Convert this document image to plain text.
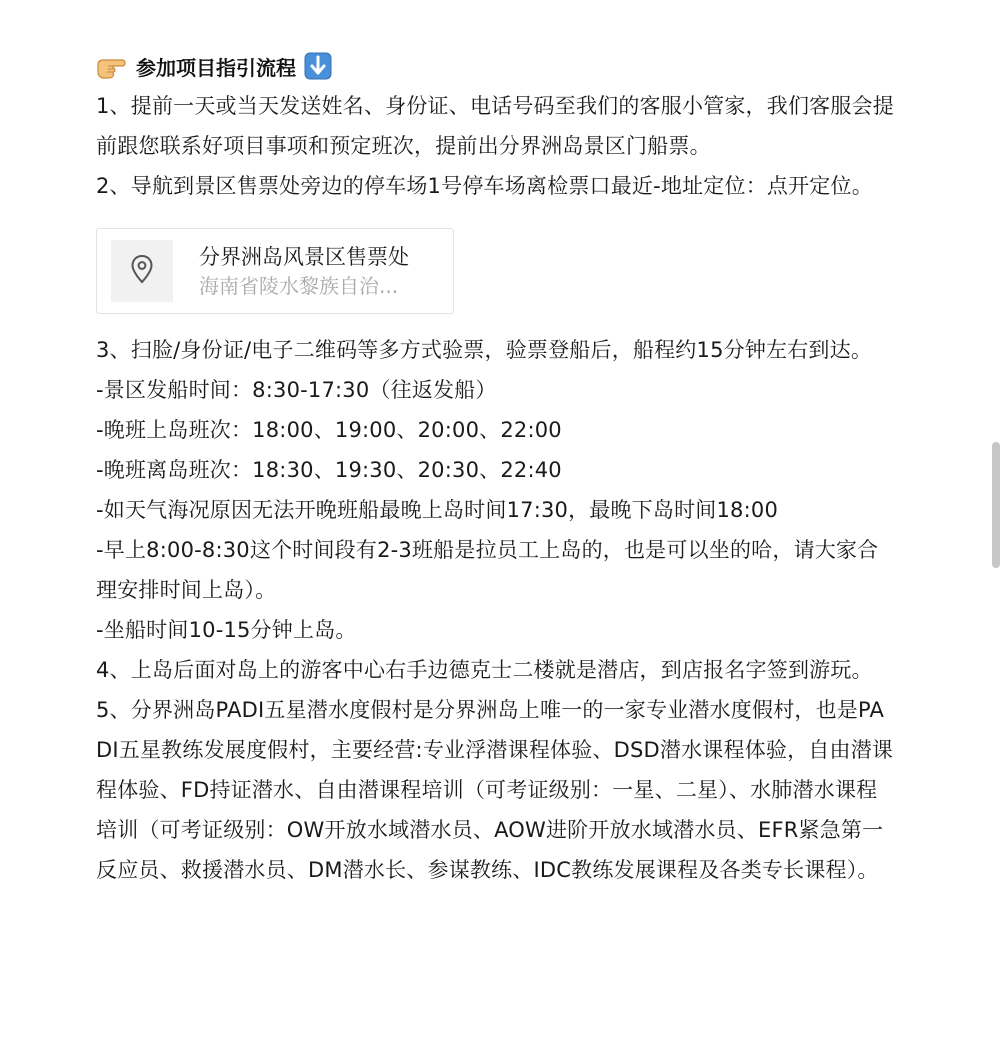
参加项目指引流程
1、提前一天或当天发送姓名、身份证、电话号码至我们的客服小管家，我们客服会提前跟您联系好项目事项和预定班次，提前出分界洲岛景区门船票。
2、导航到景区售票处旁边的停车场1号停车场离检票口最近-地址定位：点开定位。
分界洲岛风景区售票处
海南省陵水黎族自治...
3、扫脸/身份证/电子二维码等多方式验票，验票登船后，船程约15分钟左右到达。
-景区发船时间：8:30-17:30（往返发船）
-晚班上岛班次：18:00、19:00、20:00、22:00
-晚班离岛班次：18:30、19:30、20:30、22:40
-如天气海况原因无法开晚班船最晚上岛时间17:30，最晚下岛时间18:00
-早上8:00-8:30这个时间段有2-3班船是拉员工上岛的，也是可以坐的哈，请大家合理安排时间上岛）。
-坐船时间10-15分钟上岛。
4、上岛后面对岛上的游客中心右手边德克士二楼就是潜店，到店报名字签到游玩。
5、分界洲岛PADI五星潜水度假村是分界洲岛上唯一的一家专业潜水度假村，也是PADI五星教练发展度假村，主要经营:专业浮潜课程体验、DSD潜水课程体验，自由潜课程体验、FD持证潜水、自由潜课程培训（可考证级别：一星、二星）、水肺潜水课程培训（可考证级别：OW开放水域潜水员、AOW进阶开放水域潜水员、EFR紧急第一反应员、救援潜水员、DM潜水长、参谋教练、IDC教练发展课程及各类专长课程）。
